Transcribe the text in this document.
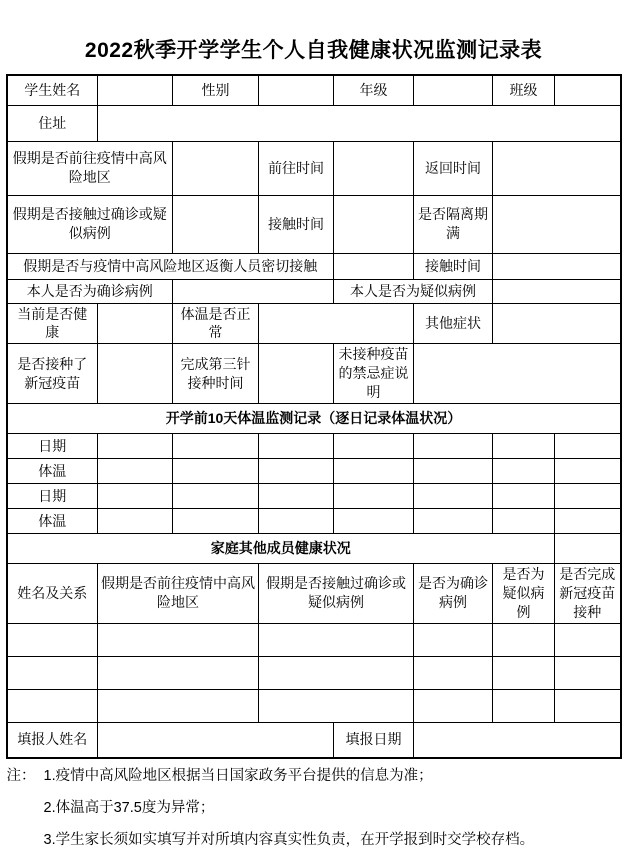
2022秋季开学学生个人自我健康状况监测记录表
学生姓名		性别		年级		班级	
住址							
假期是否前往疫情中高风险地区			前往时间		返回时间		
假期是否接触过确诊或疑似病例			接触时间		是否隔离期满		
假期是否与疫情中高风险地区返衡人员密切接触					接触时间		
本人是否为确诊病例				本人是否为疑似病例			
当前是否健康		体温是否正常			其他症状		
是否接种了新冠疫苗		完成第三针接种时间		未接种疫苗的禁忌症说明			
开学前10天体温监测记录（逐日记录体温状况）							
日期							
体温							
日期							
体温							
家庭其他成员健康状况							
姓名及关系	假期是否前往疫情中高风险地区		假期是否接触过确诊或疑似病例		是否为确诊病例	是否为疑似病例	是否完成新冠疫苗接种

填报人姓名				填报日期			
注： 1.疫情中高风险地区根据当日国家政务平台提供的信息为准；
2.体温高于37.5度为异常；
3.学生家长须如实填写并对所填内容真实性负责，在开学报到时交学校存档。
